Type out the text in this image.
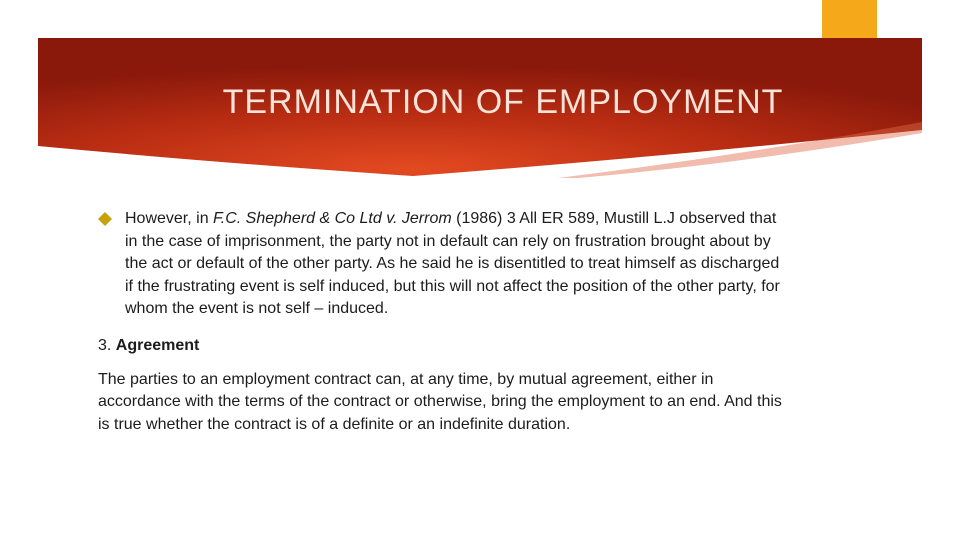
TERMINATION OF EMPLOYMENT
However, in F.C. Shepherd & Co Ltd v. Jerrom (1986) 3 All ER 589, Mustill L.J observed that in the case of imprisonment, the party not in default can rely on frustration brought about by the act or default of the other party. As he said he is disentitled to treat himself as discharged if the frustrating event is self induced, but this will not affect the position of the other party, for whom the event is not self – induced.
3. Agreement
The parties to an employment contract can, at any time, by mutual agreement, either in accordance with the terms of the contract or otherwise, bring the employment to an end. And this is true whether the contract is of a definite or an indefinite duration.
